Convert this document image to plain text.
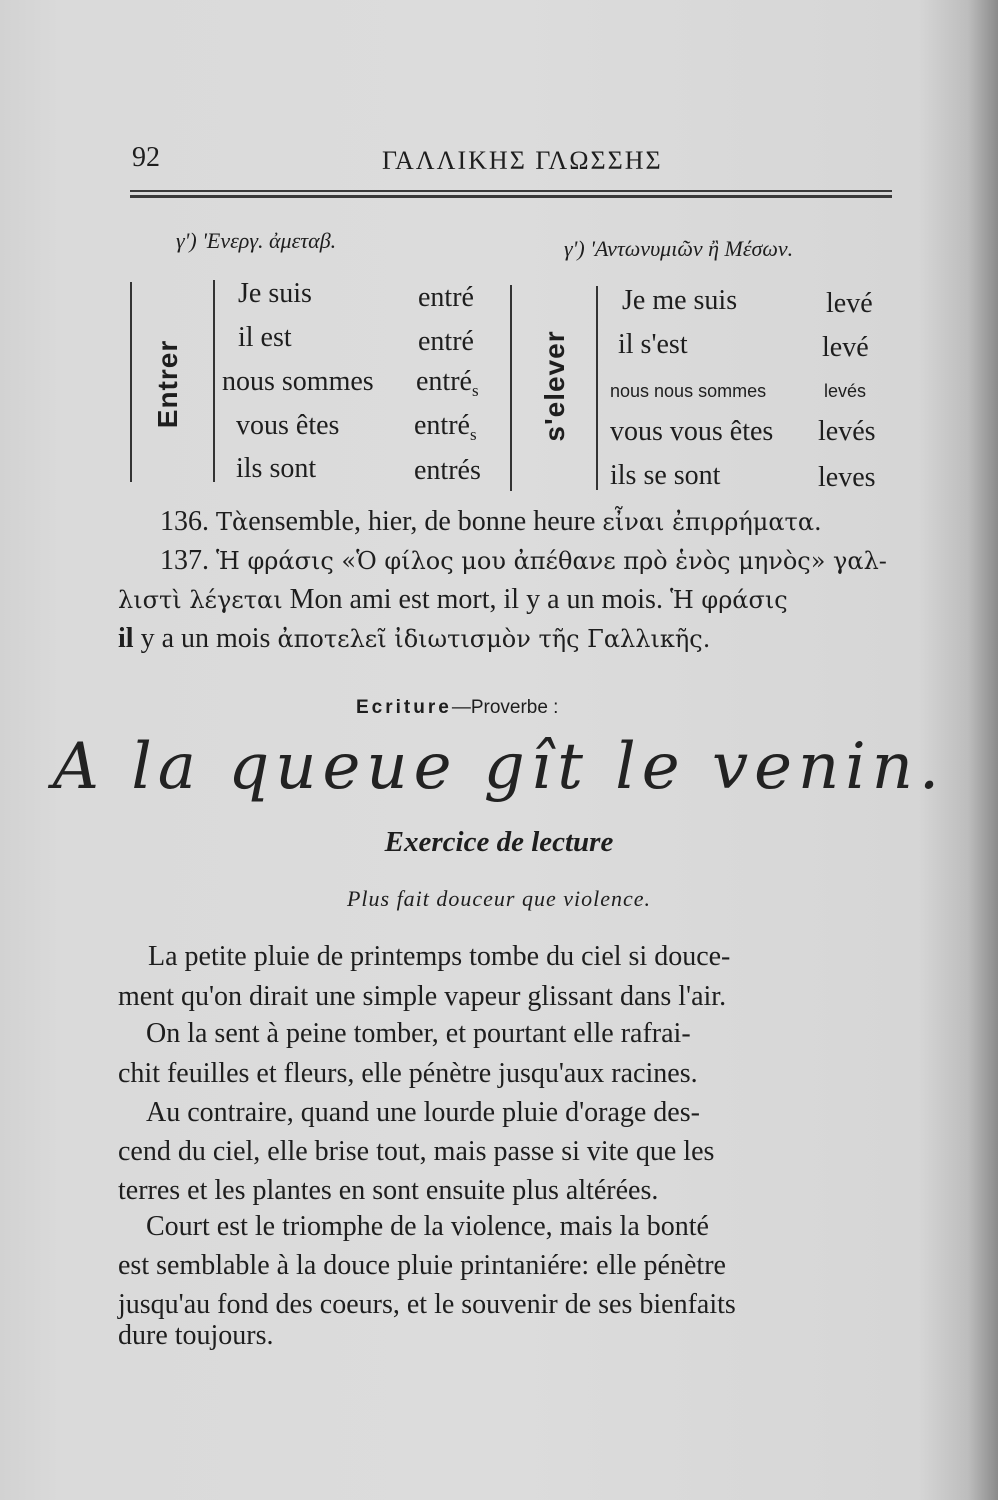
92	ΓΑΛΛΙΚΗΣ ΓΛΩΣΣΗΣ
γ') 'Ενεργ. ἀμεταβ.
Entrer
Je suis	entré
il est	entré
nous sommes entré$_s$
vous êtes	entré$_s$
ils sont	entrés
γ') 'Αντωνυμιῶν ἢ Μέσων.
s'elever
Je me suis	levé
il s'est	levé
nous nous sommes	levés
vous vous êtes levés
ils se sont	leves
136. Τὰensemble, hier, de bonne heure εἶναι ἐπιρρήματα.
137. Ἡ φράσις «Ὁ φίλος μου ἀπέθανε πρὸ ἑνὸς μηνὸς» γαλ-
λιστὶ λέγεται Mon ami est mort, il y a un mois. Ἡ φράσις
il y a un mois ἀποτελεῖ ἰδιωτισμὸν τῆς Γαλλικῆς.
Ecriture—Proverbe :
A la queue gît le venin.
Exercice de lecture
Plus fait douceur que violence.
La petite pluie de printemps tombe du ciel si douce-
ment qu'on dirait une simple vapeur glissant dans l'air.
On la sent à peine tomber, et pourtant elle rafrai-
chit feuilles et fleurs, elle pénètre jusqu'aux racines.
Au contraire, quand une lourde pluie d'orage des-
cend du ciel, elle brise tout, mais passe si vite que les
terres et les plantes en sont ensuite plus altérées.
Court est le triomphe de la violence, mais la bonté
est semblable à la douce pluie printaniére: elle pénètre
jusqu'au fond des coeurs, et le souvenir de ses bienfaits
dure toujours.
